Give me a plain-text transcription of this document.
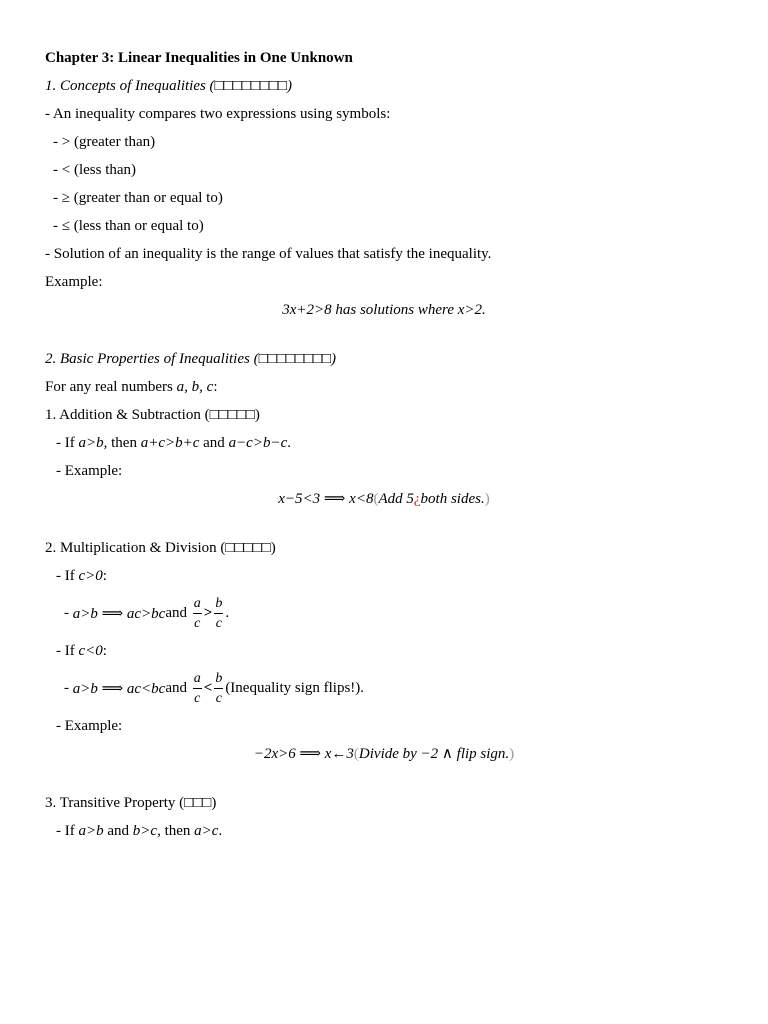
Chapter 3: Linear Inequalities in One Unknown
1. Concepts of Inequalities (□□□□□□□□)
- An inequality compares two expressions using symbols:
- > (greater than)
- < (less than)
- ≥ (greater than or equal to)
- ≤ (less than or equal to)
- Solution of an inequality is the range of values that satisfy the inequality.
Example:
3x+2>8 has solutions where x>2.
2. Basic Properties of Inequalities (□□□□□□□□)
For any real numbers a, b, c:
1. Addition & Subtraction (□□□□□)
- If a>b, then a+c>b+c and a−c>b−c.
- Example:
x−5<3 ⟹ x<8(Add 5¿both sides.)
2. Multiplication & Division (□□□□□)
- If c>0:
-
a>b ⟹ ac>bc and
$\frac{a}{c} > \frac{b}{c}$ .
- If c<0:
-
a>b ⟹ ac<bc and
$\frac{a}{c} < \frac{b}{c}$ (Inequality sign flips!).
- Example:
−2x>6 ⟹ x←3(Divide by −2 ∧ flip sign.)
3. Transitive Property (□□□)
- If a>b and b>c, then a>c.
